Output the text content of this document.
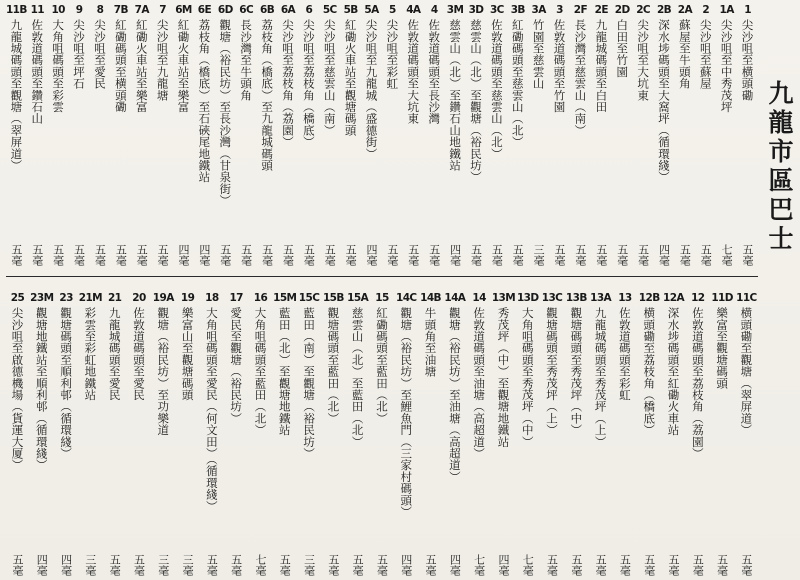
九龍市區巴士
1
尖沙咀至横頭磡
五毫
1A
尖沙咀至中秀茂坪
七毫
2
尖沙咀至蘇屋
五毫
2A
蘇屋至牛頭角
五毫
2B
深水埗碼頭至大窩坪（循環綫）
四毫
2C
尖沙咀至大坑東
五毫
2D
白田至竹園
五毫
2E
九龍城碼頭至白田
五毫
2F
長沙灣至慈雲山（南）
五毫
3
佐敦道碼頭至竹園
五毫
3A
竹園至慈雲山
三毫
3B
紅磡碼頭至慈雲山（北）
五毫
3C
佐敦道碼頭至慈雲山（北）
五毫
3D
慈雲山（北）至觀塘（裕民坊）
五毫
3M
慈雲山（北）至鑽石山地鐵站
四毫
4
佐敦道碼頭至長沙灣
五毫
4A
佐敦道碼頭至大坑東
五毫
5
尖沙咀至彩虹
五毫
5A
尖沙咀至九龍城（盛德街）
四毫
5B
紅磡火車站至觀塘碼頭
五毫
5C
尖沙咀至慈雲山（南）
五毫
6
尖沙咀至荔枝角（橋底）
五毫
6A
尖沙咀至荔枝角（荔園）
五毫
6B
荔枝角（橋底）至九龍城碼頭
五毫
6C
長沙灣至牛頭角
五毫
6D
觀塘（裕民坊）至長沙灣（甘泉街）
五毫
6E
荔枝角（橋底）至石硤尾地鐵站
四毫
6M
紅磡火車站至樂富
四毫
7
尖沙咀至九龍塘
五毫
7A
紅磡火車站至樂富
五毫
7B
紅磡碼頭至横頭磡
五毫
8
尖沙咀至愛民
五毫
9
尖沙咀至坪石
五毫
10
大角咀碼頭至彩雲
五毫
11
佐敦道碼頭至鑽石山
五毫
11B
九龍城碼頭至觀塘（翠屏道）
五毫
11C
横頭磡至觀塘（翠屏道）
五毫
11D
樂富至觀塘碼頭
五毫
12
佐敦道碼頭至荔枝角（荔園）
五毫
12A
深水埗碼頭至紅磡火車站
五毫
12B
横頭磡至荔枝角（橋底）
五毫
13
佐敦道碼頭至彩虹
五毫
13A
九龍城碼頭至秀茂坪（上）
五毫
13B
觀塘碼頭至秀茂坪（中）
五毫
13C
觀塘碼頭至秀茂坪（上）
五毫
13D
大角咀碼頭至秀茂坪（中）
七毫
13M
秀茂坪（中）至觀塘地鐵站
四毫
14
佐敦道碼頭至油塘（高超道）
七毫
14A
觀塘（裕民坊）至油塘（高超道）
四毫
14B
牛頭角至油塘
五毫
14C
觀塘（裕民坊）至鯉魚門（三家村碼頭）
四毫
15
紅磡碼頭至藍田（北）
五毫
15A
慈雲山（北）至藍田（北）
五毫
15B
觀塘碼頭至藍田（北）
五毫
15C
藍田（南）至觀塘（裕民坊）
三毫
15M
藍田（北）至觀塘地鐵站
五毫
16
大角咀碼頭至藍田（北）
七毫
17
愛民至觀塘（裕民坊）
五毫
18
大角咀碼頭至愛民（何文田）（循環綫）
五毫
19
樂富山至觀塘碼頭
三毫
19A
觀塘（裕民坊）至功樂道
三毫
20
佐敦道碼頭至愛民
五毫
21
九龍城碼頭至愛民
五毫
21M
彩雲至彩虹地鐵站
三毫
23
觀塘碼頭至順利邨（循環綫）
四毫
23M
觀塘地鐵站至順利邨（循環綫）
四毫
25
尖沙咀至啟德機場（貨運大厦）
五毫
